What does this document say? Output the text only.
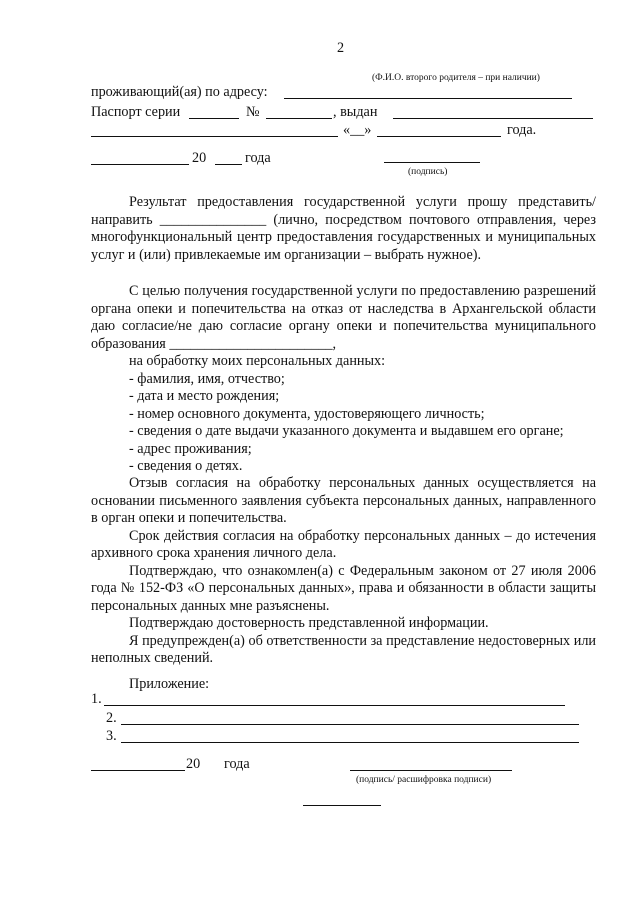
2
(Ф.И.О. второго родителя – при наличии)
проживающий(ая) по адресу:
Паспорт серии	№	, выдан
«__»	года.
20	года
(подпись)

Результат предоставления государственной услуги прошу представить/направить _______________ (лично, посредством почтового отправления, через многофункциональный центр предоставления государственных и муниципальных услуг и (или) привлекаемые им организации – выбрать нужное).

С целью получения государственной услуги по предоставлению разрешений органа опеки и попечительства на отказ от наследства в Архангельской области даю согласие/не даю согласие органу опеки и попечительства муниципального образования _______________________,

на обработку моих персональных данных:
- фамилия, имя, отчество;
- дата и место рождения;
- номер основного документа, удостоверяющего личность;
- сведения о дате выдачи указанного документа и выдавшем его органе;
- адрес проживания;
- сведения о детях.

Отзыв согласия на обработку персональных данных осуществляется на основании письменного заявления субъекта персональных данных, направленного в орган опеки и попечительства.

Срок действия согласия на обработку персональных данных – до истечения архивного срока хранения личного дела.

Подтверждаю, что ознакомлен(а) с Федеральным законом от 27 июля 2006 года № 152-ФЗ «О персональных данных», права и обязанности в области защиты персональных данных мне разъяснены.

Подтверждаю достоверность представленной информации.

Я предупрежден(а) об ответственности за представление недостоверных или неполных сведений.

Приложение:
1.
2.
3.
20 года
(подпись/ расшифровка подписи)
